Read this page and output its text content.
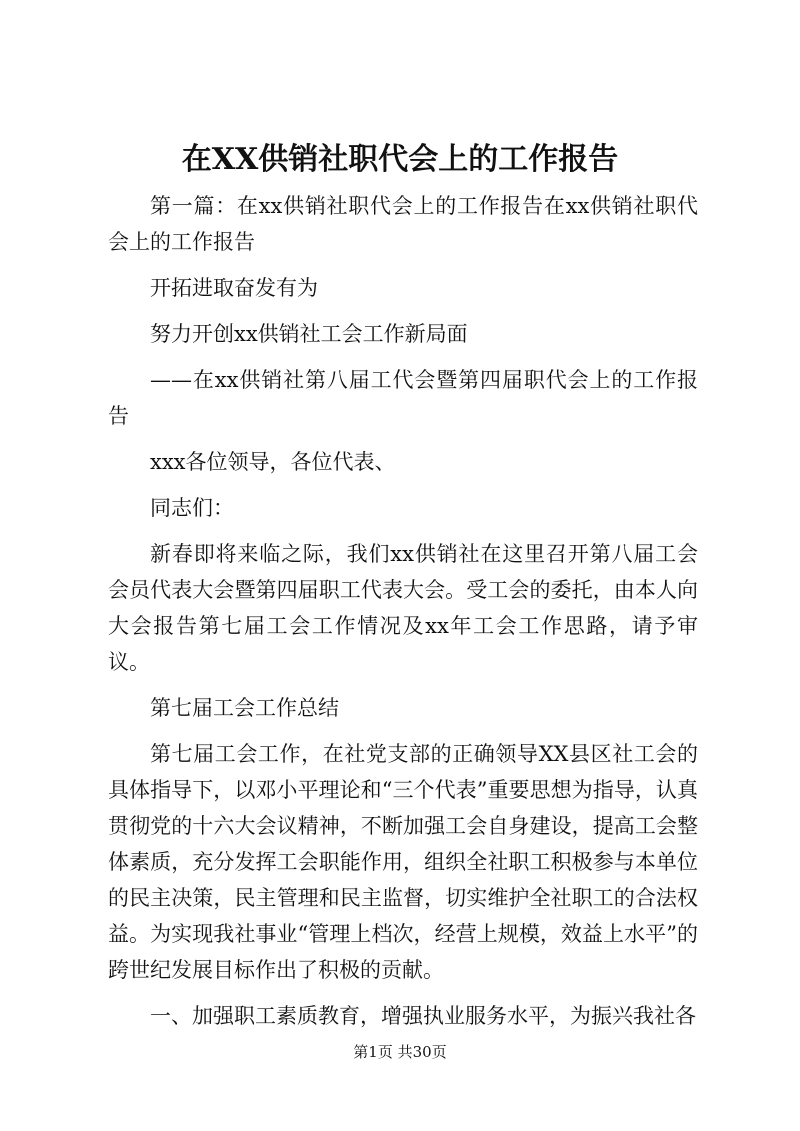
在XX供销社职代会上的工作报告

第一篇：在xx供销社职代会上的工作报告在xx供销社职代会上的工作报告

开拓进取奋发有为

努力开创xx供销社工会工作新局面

——在xx供销社第八届工代会暨第四届职代会上的工作报告

xxx各位领导，各位代表、

同志们：

新春即将来临之际，我们xx供销社在这里召开第八届工会会员代表大会暨第四届职工代表大会。受工会的委托，由本人向大会报告第七届工会工作情况及xx年工会工作思路，请予审议。

第七届工会工作总结

第七届工会工作，在社党支部的正确领导XX县区社工会的具体指导下，以邓小平理论和“三个代表”重要思想为指导，认真贯彻党的十六大会议精神，不断加强工会自身建设，提高工会整体素质，充分发挥工会职能作用，组织全社职工积极参与本单位的民主决策，民主管理和民主监督，切实维护全社职工的合法权益。为实现我社事业“管理上档次，经营上规模，效益上水平”的跨世纪发展目标作出了积极的贡献。

一、加强职工素质教育，增强执业服务水平，为振兴我社各

第1页 共30页
